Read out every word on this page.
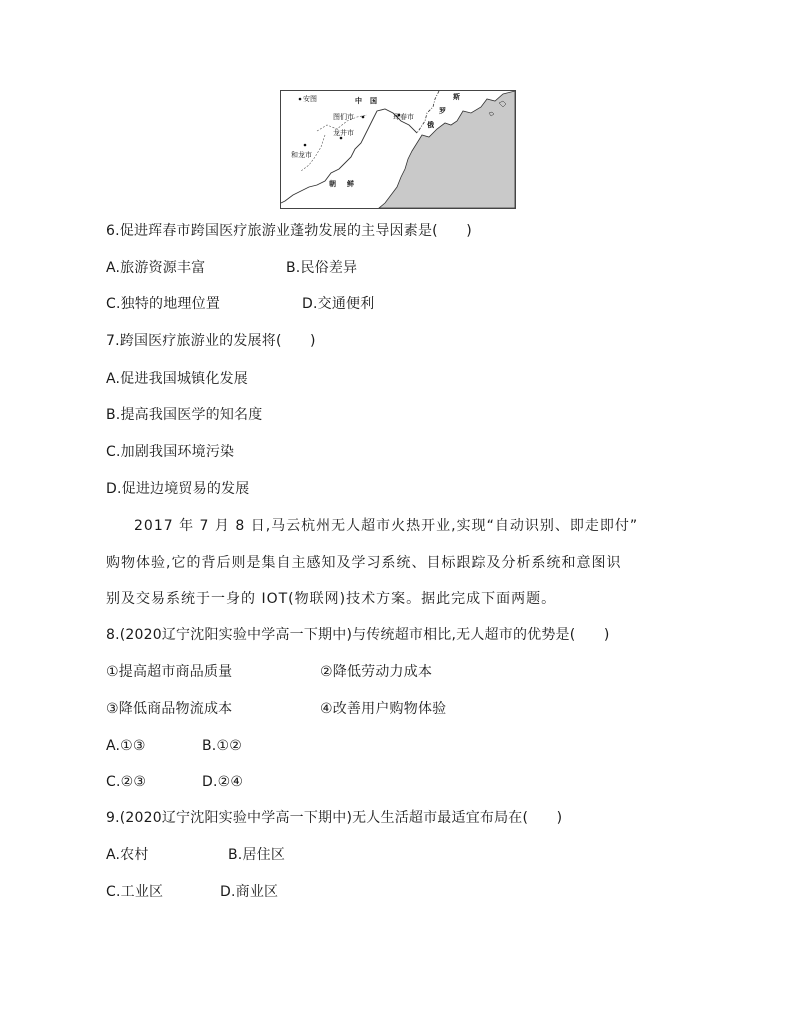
安图	中国	斯
罗
俄
图们市
龙井市
珲春市
和龙市
朝 鲜
6.促进珲春市跨国医疗旅游业蓬勃发展的主导因素是(　　)
A.旅游资源丰富	B.民俗差异
C.独特的地理位置	D.交通便利
7.跨国医疗旅游业的发展将(　　)
A.促进我国城镇化发展
B.提高我国医学的知名度
C.加剧我国环境污染
D.促进边境贸易的发展
2017 年 7 月 8 日,马云杭州无人超市火热开业,实现“自动识别、即走即付”
购物体验,它的背后则是集自主感知及学习系统、目标跟踪及分析系统和意图识
别及交易系统于一身的 IOT(物联网)技术方案。据此完成下面两题。
8.(2020辽宁沈阳实验中学高一下期中)与传统超市相比,无人超市的优势是(　　)
①提高超市商品质量	②降低劳动力成本
③降低商品物流成本	④改善用户购物体验
A.①③	B.①②
C.②③	D.②④
9.(2020辽宁沈阳实验中学高一下期中)无人生活超市最适宜布局在(　　)
A.农村	B.居住区
C.工业区	D.商业区
